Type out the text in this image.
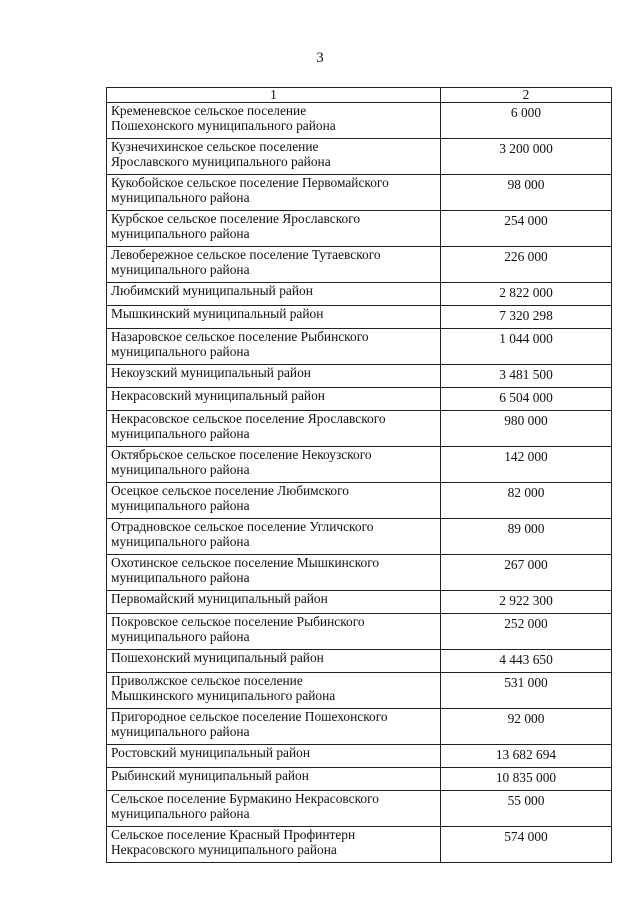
3
1	2
Кременевское сельское поселение
Пошехонского муниципального района	6 000
Кузнечихинское сельское поселение
Ярославского муниципального района	3 200 000
Кукобойское сельское поселение Первомайского
муниципального района	98 000
Курбское сельское поселение Ярославского
муниципального района	254 000
Левобережное сельское поселение Тутаевского
муниципального района	226 000
Любимский муниципальный район	2 822 000
Мышкинский муниципальный район	7 320 298
Назаровское сельское поселение Рыбинского
муниципального района	1 044 000
Некоузский муниципальный район	3 481 500
Некрасовский муниципальный район	6 504 000
Некрасовское сельское поселение Ярославского
муниципального района	980 000
Октябрьское сельское поселение Некоузского
муниципального района	142 000
Осецкое сельское поселение Любимского
муниципального района	82 000
Отрадновское сельское поселение Угличского
муниципального района	89 000
Охотинское сельское поселение Мышкинского
муниципального района	267 000
Первомайский муниципальный район	2 922 300
Покровское сельское поселение Рыбинского
муниципального района	252 000
Пошехонский муниципальный район	4 443 650
Приволжское сельское поселение
Мышкинского муниципального района	531 000
Пригородное сельское поселение Пошехонского
муниципального района	92 000
Ростовский муниципальный район	13 682 694
Рыбинский муниципальный район	10 835 000
Сельское поселение Бурмакино Некрасовского
муниципального района	55 000
Сельское поселение Красный Профинтерн
Некрасовского муниципального района	574 000
